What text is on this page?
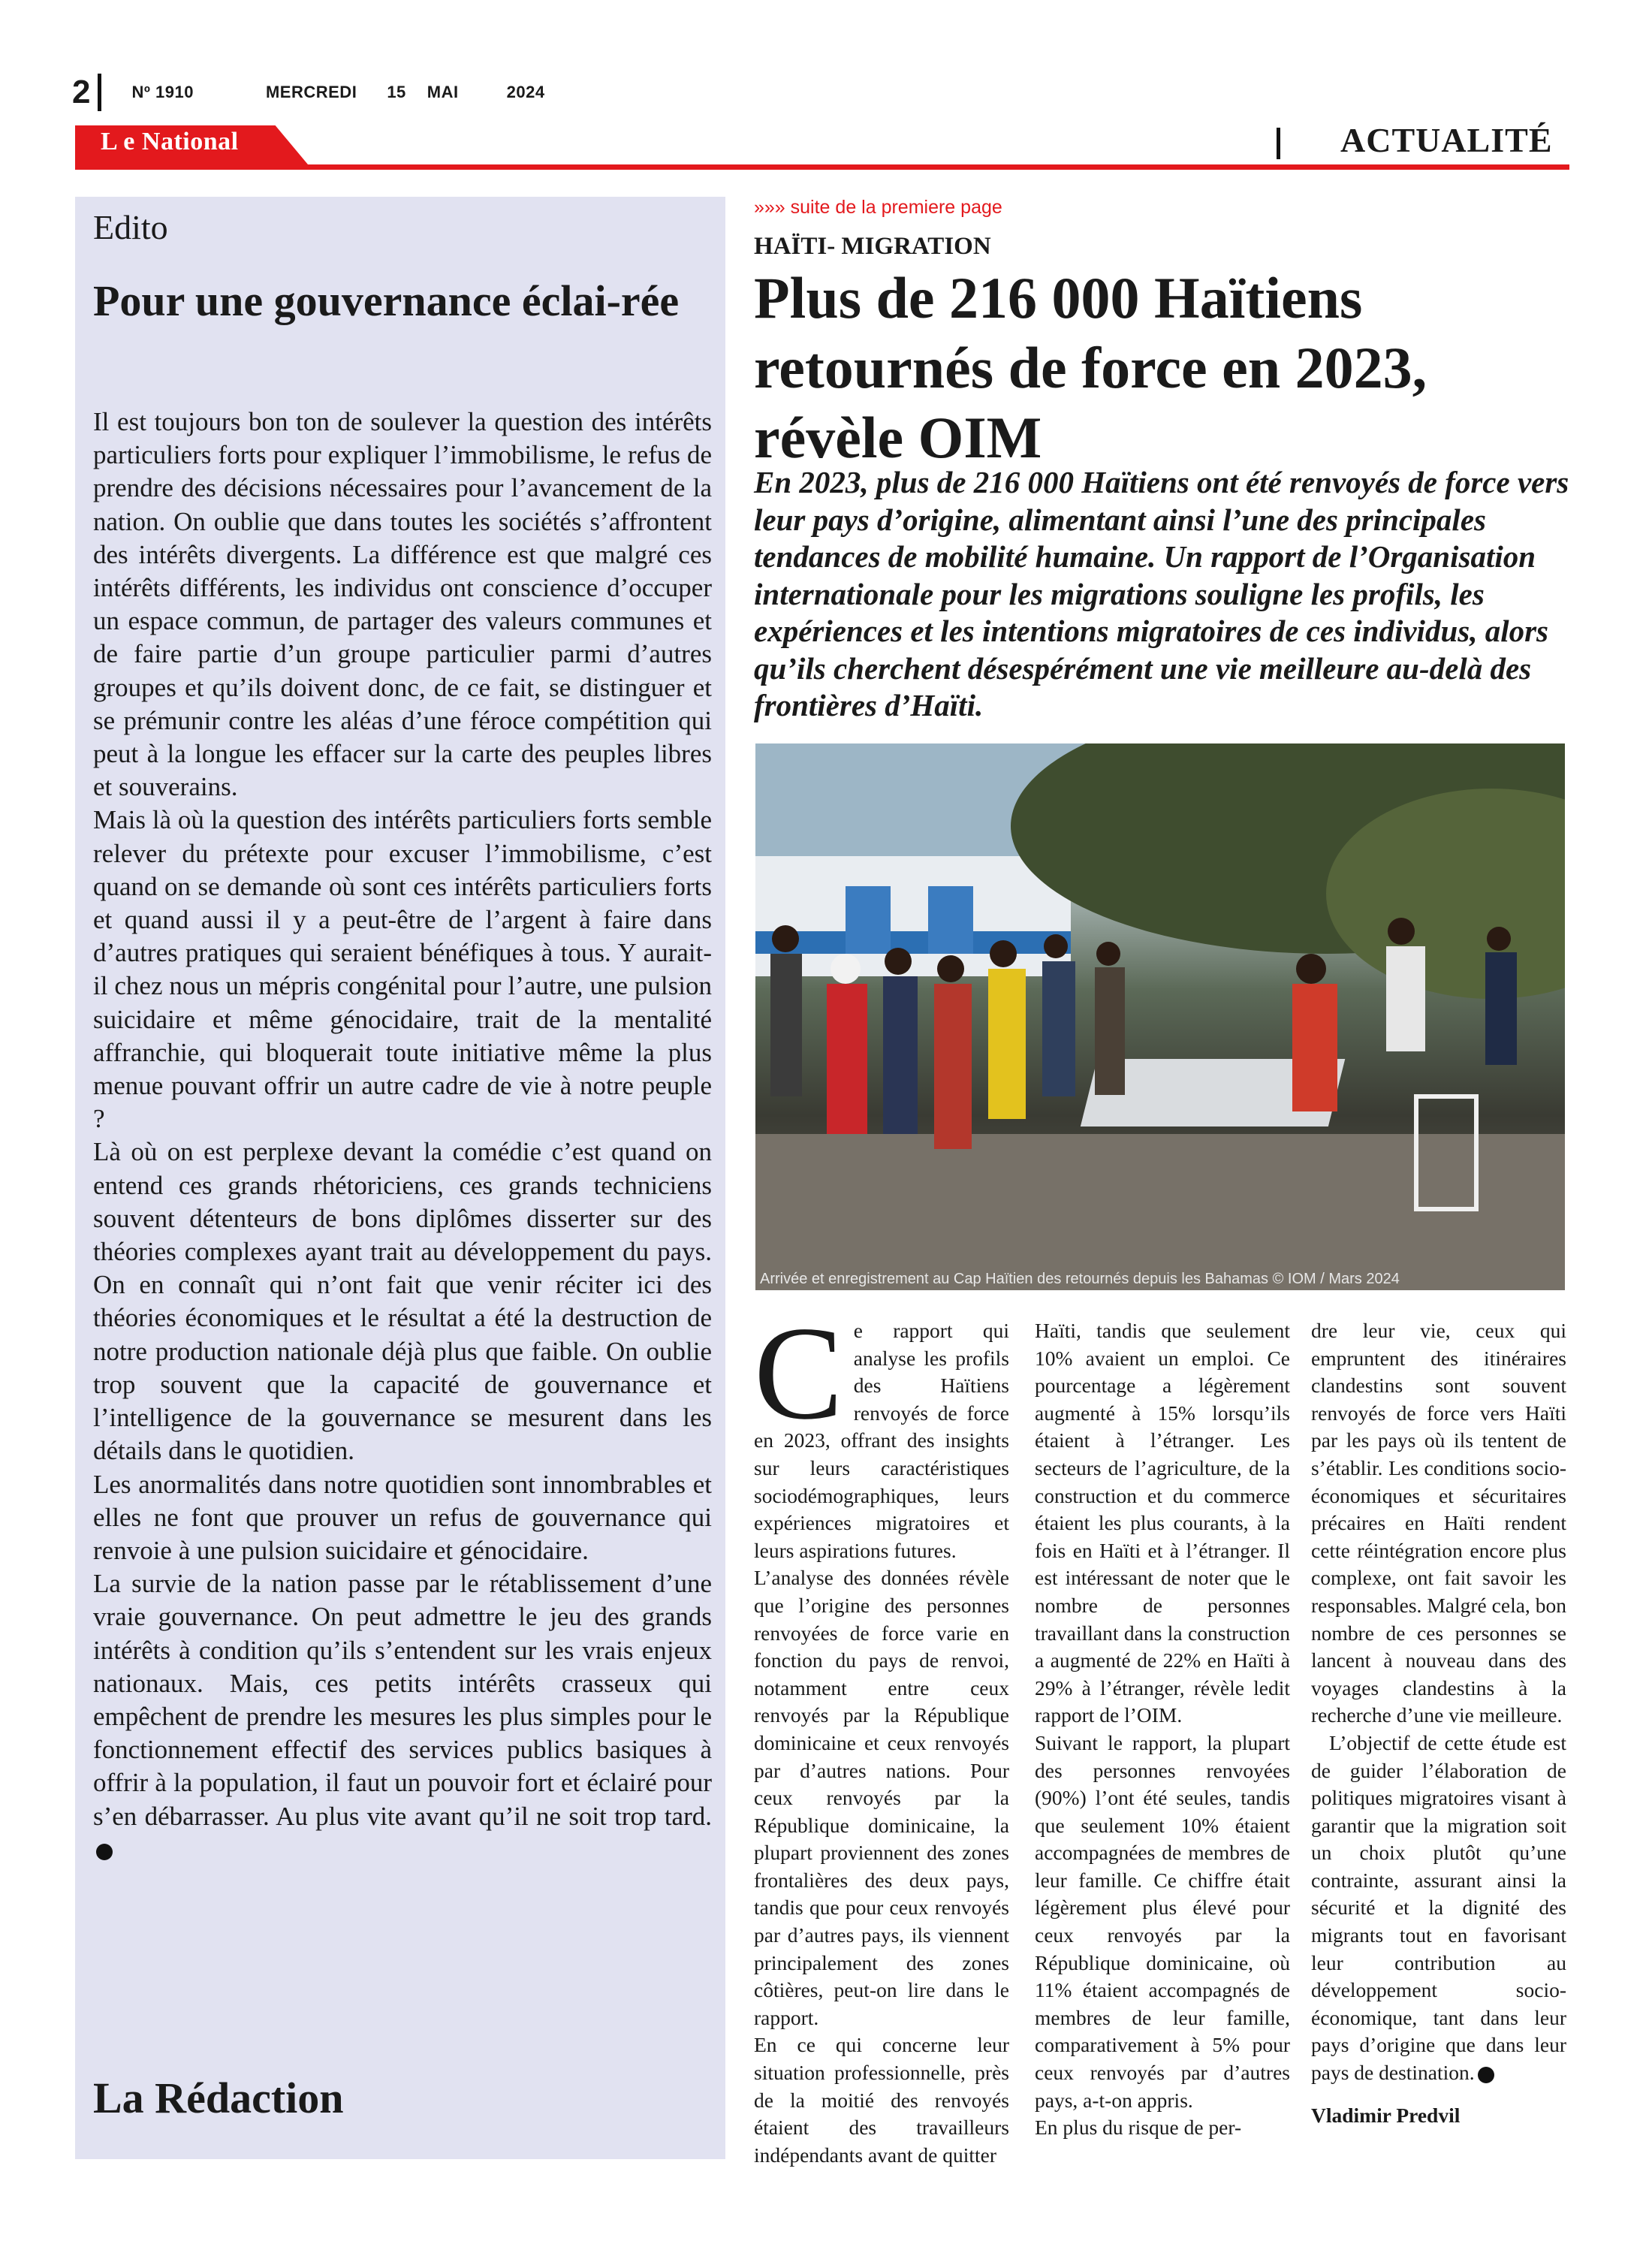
2	Nº 1910	MERCREDI 15 MAI	2024
L e National	ACTUALITÉ
Edito
Pour une gouvernance éclai-rée

Il est toujours bon ton de soulever la question des intérêts particuliers forts pour expliquer l’immobilisme, le refus de prendre des décisions nécessaires pour l’avancement de la nation. On oublie que dans toutes les sociétés s’affrontent des intérêts divergents. La différence est que malgré ces intérêts différents, les individus ont conscience d’occuper un espace commun, de partager des valeurs communes et de faire partie d’un groupe particulier parmi d’autres groupes et qu’ils doivent donc, de ce fait, se distinguer et se prémunir contre les aléas d’une féroce compétition qui peut à la longue les effacer sur la carte des peuples libres et souverains.

Mais là où la question des intérêts particuliers forts semble relever du prétexte pour excuser l’immobilisme, c’est quand on se demande où sont ces intérêts particuliers forts et quand aussi il y a peut-être de l’argent à faire dans d’autres pratiques qui seraient bénéfiques à tous. Y aurait-il chez nous un mépris congénital pour l’autre, une pulsion suicidaire et même génocidaire, trait de la mentalité affranchie, qui bloquerait toute initiative même la plus menue pouvant offrir un autre cadre de vie à notre peuple ?

Là où on est perplexe devant la comédie c’est quand on entend ces grands rhétoriciens, ces grands techniciens souvent détenteurs de bons diplômes disserter sur des théories complexes ayant trait au développement du pays. On en connaît qui n’ont fait que venir réciter ici des théories économiques et le résultat a été la destruction de notre production nationale déjà plus que faible. On oublie trop souvent que la capacité de gouvernance et l’intelligence de la gouvernance se mesurent dans les détails dans le quotidien.

Les anormalités dans notre quotidien sont innombrables et elles ne font que prouver un refus de gouvernance qui renvoie à une pulsion suicidaire et génocidaire.

La survie de la nation passe par le rétablissement d’une vraie gouvernance. On peut admettre le jeu des grands intérêts à condition qu’ils s’entendent sur les vrais enjeux nationaux. Mais, ces petits intérêts crasseux qui empêchent de prendre les mesures les plus simples pour le fonctionnement effectif des services publics basiques à offrir à la population, il faut un pouvoir fort et éclairé pour s’en débarrasser. Au plus vite avant qu’il ne soit trop tard.

La Rédaction
»»» suite de la premiere page
HAÏTI- MIGRATION
Plus de 216 000 Haïtiens retournés de force en 2023, révèle OIM

En 2023, plus de 216 000 Haïtiens ont été renvoyés de force vers leur pays d’origine, alimentant ainsi l’une des principales tendances de mobilité humaine. Un rapport de l’Organisation internationale pour les migrations souligne les profils, les expériences et les intentions migratoires de ces individus, alors qu’ils cherchent désespérément une vie meilleure au-delà des frontières d’Haïti.

Arrivée et enregistrement au Cap Haïtien des retournés depuis les Bahamas © IOM / Mars 2024
C e rapport qui analyse les profils des Haïtiens renvoyés de force en 2023, offrant des insights sur leurs caractéristiques sociodémographiques, leurs expériences migratoires et leurs aspirations futures.

L’analyse des données révèle que l’origine des personnes renvoyées de force varie en fonction du pays de renvoi, notamment entre ceux renvoyés par la République dominicaine et ceux renvoyés par d’autres nations. Pour ceux renvoyés par la République dominicaine, la plupart proviennent des zones frontalières des deux pays, tandis que pour ceux renvoyés par d’autres pays, ils viennent principalement des zones côtières, peut-on lire dans le rapport.

En ce qui concerne leur situation professionnelle, près de la moitié des renvoyés étaient des travailleurs indépendants avant de quitter

Haïti, tandis que seulement 10% avaient un emploi. Ce pourcentage a légèrement augmenté à 15% lorsqu’ils étaient à l’étranger. Les secteurs de l’agriculture, de la construction et du commerce étaient les plus courants, à la fois en Haïti et à l’étranger. Il est intéressant de noter que le nombre de personnes travaillant dans la construction a augmenté de 22% en Haïti à 29% à l’étranger, révèle ledit rapport de l’OIM.

Suivant le rapport, la plupart des personnes renvoyées (90%) l’ont été seules, tandis que seulement 10% étaient accompagnées de membres de leur famille. Ce chiffre était légèrement plus élevé pour ceux renvoyés par la République dominicaine, où 11% étaient accompagnés de membres de leur famille, comparativement à 5% pour ceux renvoyés par d’autres pays, a-t-on appris.

En plus du risque de per-

dre leur vie, ceux qui empruntent des itinéraires clandestins sont souvent renvoyés de force vers Haïti par les pays où ils tentent de s’établir. Les conditions socio-économiques et sécuritaires précaires en Haïti rendent cette réintégration encore plus complexe, ont fait savoir les responsables. Malgré cela, bon nombre de ces personnes se lancent à nouveau dans des voyages clandestins à la recherche d’une vie meilleure.

L’objectif de cette étude est de guider l’élaboration de politiques migratoires visant à garantir que la migration soit un choix plutôt qu’une contrainte, assurant ainsi la sécurité et la dignité des migrants tout en favorisant leur contribution au développement socio-économique, tant dans leur pays d’origine que dans leur pays de destination.

Vladimir Predvil
